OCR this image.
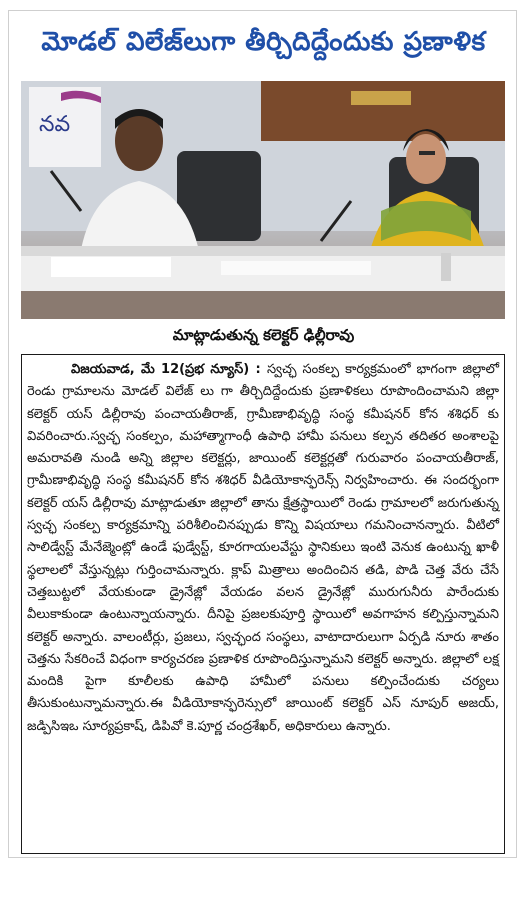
మోడల్ విలేజ్‌లుగా తీర్చిదిద్దేందుకు ప్రణాళిక
నవ
మాట్లాడుతున్న కలెక్టర్ ఢిల్లీరావు
విజయవాడ, మే 12(ప్రభ న్యూస్) : స్వచ్ఛ సంకల్ప కార్యక్రమంలో భాగంగా జిల్లాలో రెండు గ్రామాలను మోడల్ విలేజ్ లు గా తీర్చిదిద్దేందుకు ప్రణాళికలు రూపొందించామని జిల్లా కలెక్టర్ యస్ డిల్లీరావు పంచాయతీరాజ్, గ్రామీణాభివృద్ధి సంస్థ కమీషనర్ కోన శశిధర్ కు వివరించారు.స్వచ్ఛ సంకల్పం, మహాత్మాగాంధీ ఉపాధి హామీ పనులు కల్పన తదితర అంశాలపై అమరావతి నుండి అన్ని జిల్లాల కలెక్టర్లు, జాయింట్ కలెక్టర్లతో గురువారం పంచాయతీరాజ్, గ్రామీణాభివృద్ధి సంస్థ కమీషనర్ కోన శశిధర్ వీడియోకాన్ఫరెన్స్ నిర్వహించారు. ఈ సందర్భంగా కలెక్టర్ యస్ డిల్లీరావు మాట్లాడుతూ జిల్లాలో తాను క్షేత్రస్థాయిలో రెండు గ్రామాలలో జరుగుతున్న స్వచ్ఛ సంకల్ప కార్యక్రమాన్ని పరిశీలించినప్పుడు కొన్ని విషయాలు గమనించానన్నారు. వీటిలో సాలిడ్వేస్ట్ మేనేజ్మెంట్లో ఉండే ఫుడ్వేస్ట్, కూరగాయలవేస్టు స్థానికులు ఇంటి వెనుక ఉంటున్న ఖాళీ స్థలాలలో వేస్తున్నట్లు గుర్తించామన్నారు. క్లాప్ మిత్రాలు అందించిన తడి, పొడి చెత్త వేరు చేసే చెత్తబుట్టలో వేయకుండా డ్రైనేజ్లో వేయడం వలన డ్రైనేజ్లో మురుగునీరు పారేందుకు వీలుకాకుండా ఉంటున్నాయన్నారు. దీనిపై ప్రజలకుపూర్తి స్థాయిలో అవగాహన కల్పిస్తున్నామని కలెక్టర్ అన్నారు. వాలంటీర్లు, ప్రజలు, స్వచ్ఛంద సంస్థలు, వాటాదారులుగా ఏర్పడి నూరు శాతం చెత్తను సేకరించే విధంగా కార్యచరణ ప్రణాళిక రూపొందిస్తున్నామని కలెక్టర్ అన్నారు. జిల్లాలో లక్ష మందికి పైగా కూలీలకు ఉపాధి హామీలో పనులు కల్పించేందుకు చర్యలు తీసుకుంటున్నామన్నారు.ఈ వీడియోకాన్ఫరెన్సులో జాయింట్ కలెక్టర్ ఎస్ నూపుర్ అజయ్, జడ్పిసిఇఒ సూర్యప్రకాష్, డిపివో కె.పూర్ణ చంద్రశేఖర్, అధికారులు ఉన్నారు.
